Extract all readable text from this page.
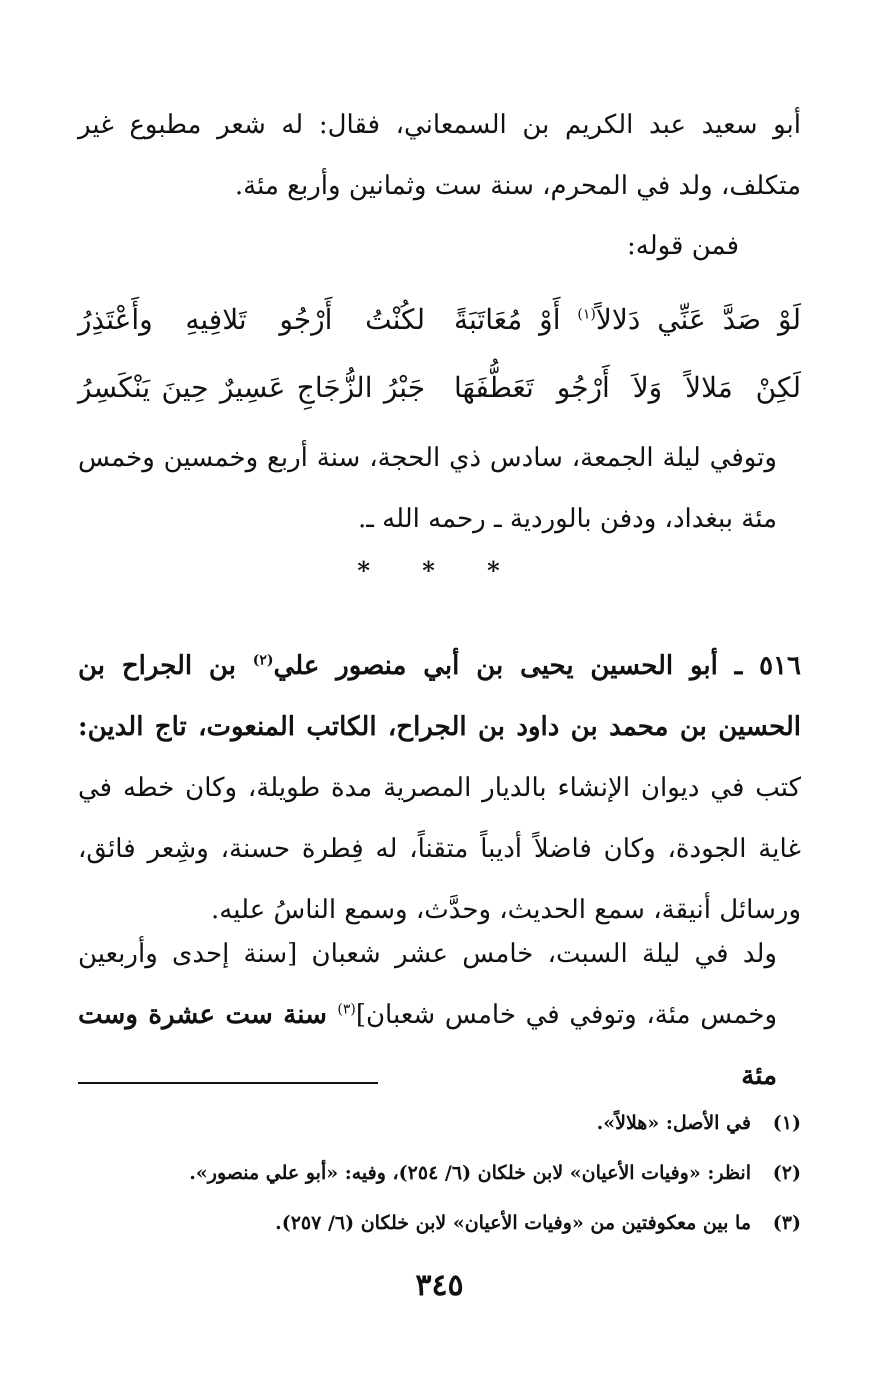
أبو سعيد عبد الكريم بن السمعاني، فقال: له شعر مطبوع غير متكلف، ولد في المحرم، سنة ست وثمانين وأربع مئة.

فمن قوله:

لَوْ صَدَّ عَنِّي دَلالاً$^{(١)}$ أَوْ مُعَاتَبَةً
لكُنْتُ أَرْجُو تَلافِيهِ وأَعْتَذِرُ
لَكِنْ مَلالاً وَلاَ أَرْجُو تَعَطُّفَهَا
جَبْرُ الزُّجَاجِ عَسِيرٌ حِينَ يَنْكَسِرُ

وتوفي ليلة الجمعة، سادس ذي الحجة، سنة أربع وخمسين وخمس مئة ببغداد، ودفن بالوردية ـ رحمه الله ـ.

* * *

٥١٦ ـ أبو الحسين يحيى بن أبي منصور علي$^{(٢)}$ بن الجراح بن الحسين بن محمد بن داود بن الجراح، الكاتب المنعوت، تاج الدين: كتب في ديوان الإنشاء بالديار المصرية مدة طويلة، وكان خطه في غاية الجودة، وكان فاضلاً أديباً متقناً، له فِطرة حسنة، وشِعر فائق، ورسائل أنيقة، سمع الحديث، وحدَّث، وسمع الناسُ عليه.

ولد في ليلة السبت، خامس عشر شعبان [سنة إحدى وأربعين وخمس مئة، وتوفي في خامس شعبان]$^{(٣)}$ سنة ست عشرة وست مئة

(١)
في الأصل: «هلالاً».
(٢)
انظر: «وفيات الأعيان» لابن خلكان (٦/ ٢٥٤)، وفيه: «أبو علي منصور».
(٣)
ما بين معكوفتين من «وفيات الأعيان» لابن خلكان (٦/ ٢٥٧).
٣٤٥
